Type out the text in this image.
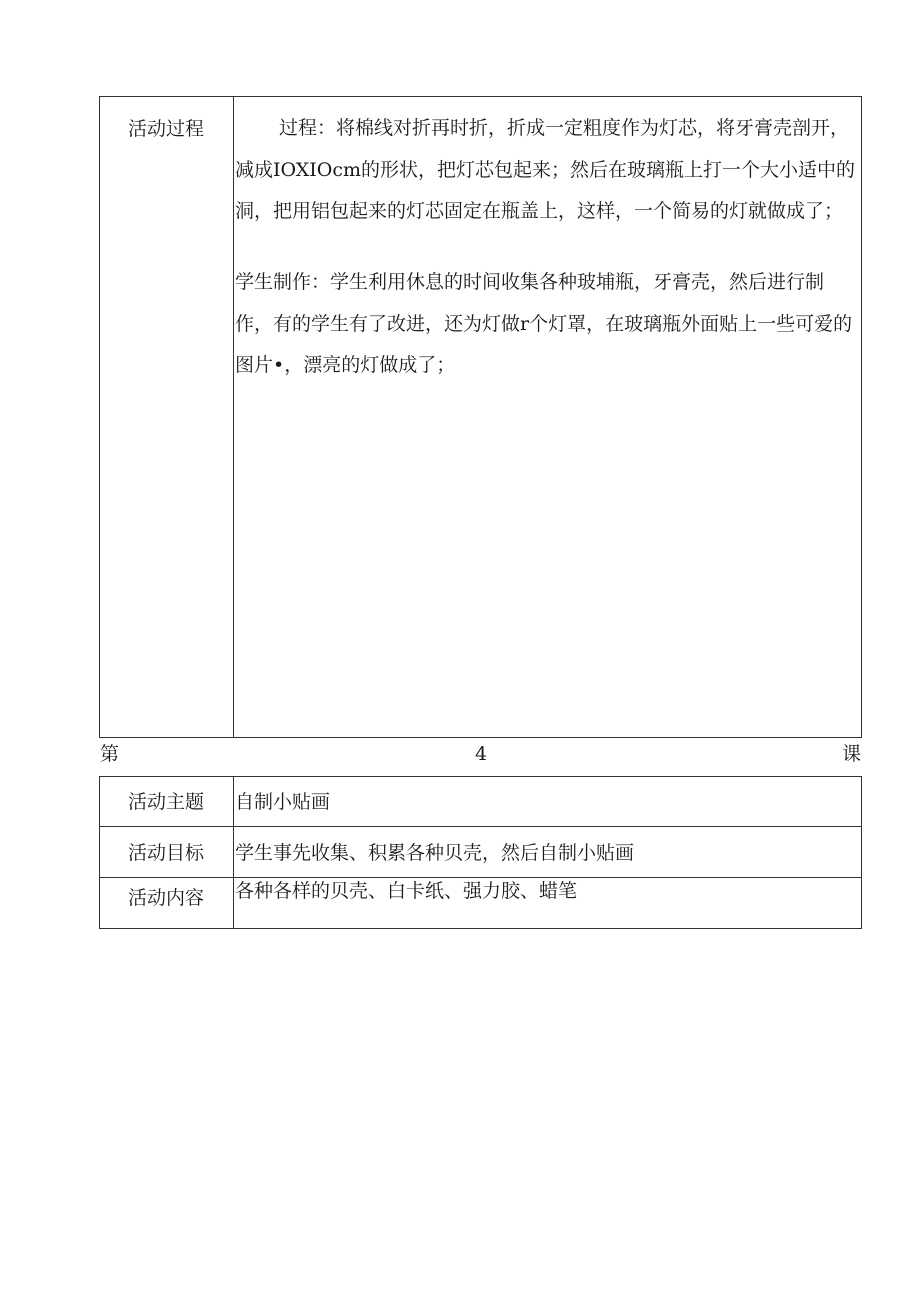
活动过程	过程：将棉线对折再时折，折成一定粗度作为灯芯，将牙膏壳剖开，减成IOXIOcm的形状，把灯芯包起来；然后在玻璃瓶上打一个大小适中的洞，把用铝包起来的灯芯固定在瓶盖上，这样，一个简易的灯就做成了；
学生制作：学生利用休息的时间收集各种玻埔瓶，牙膏壳，然后进行制作，有的学生有了改进，还为灯做r个灯罩，在玻璃瓶外面贴上一些可爱的图片•，漂亮的灯做成了；
第	4	课
活动主题 自制小贴画
活动目标 学生事先收集、积累各种贝壳，然后自制小贴画
活动内容 各种各样的贝壳、白卡纸、强力胶、蜡笔
